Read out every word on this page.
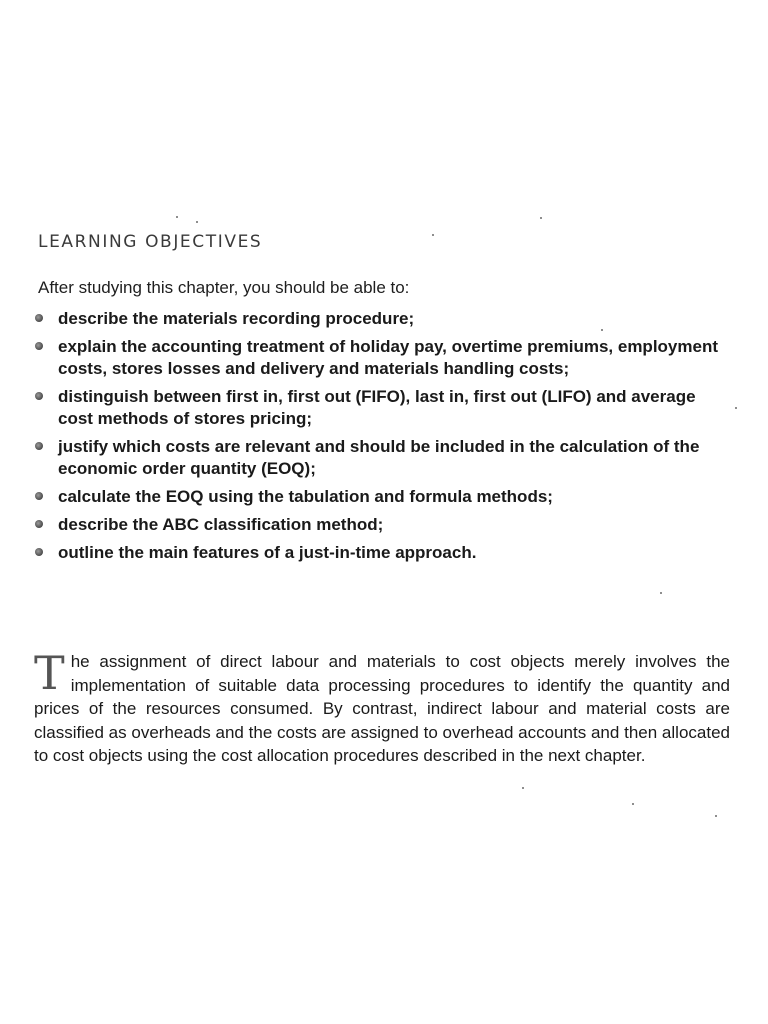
LEARNING OBJECTIVES
After studying this chapter, you should be able to:
describe the materials recording procedure;
explain the accounting treatment of holiday pay, overtime premiums, employment costs, stores losses and delivery and materials handling costs;
distinguish between first in, first out (FIFO), last in, first out (LIFO) and average cost methods of stores pricing;
justify which costs are relevant and should be included in the calculation of the economic order quantity (EOQ);
calculate the EOQ using the tabulation and formula methods;
describe the ABC classification method;
outline the main features of a just-in-time approach.
The assignment of direct labour and materials to cost objects merely involves the implementation of suitable data processing procedures to identify the quantity and prices of the resources consumed. By contrast, indirect labour and material costs are classified as overheads and the costs are assigned to overhead accounts and then allocated to cost objects using the cost allocation procedures described in the next chapter.
